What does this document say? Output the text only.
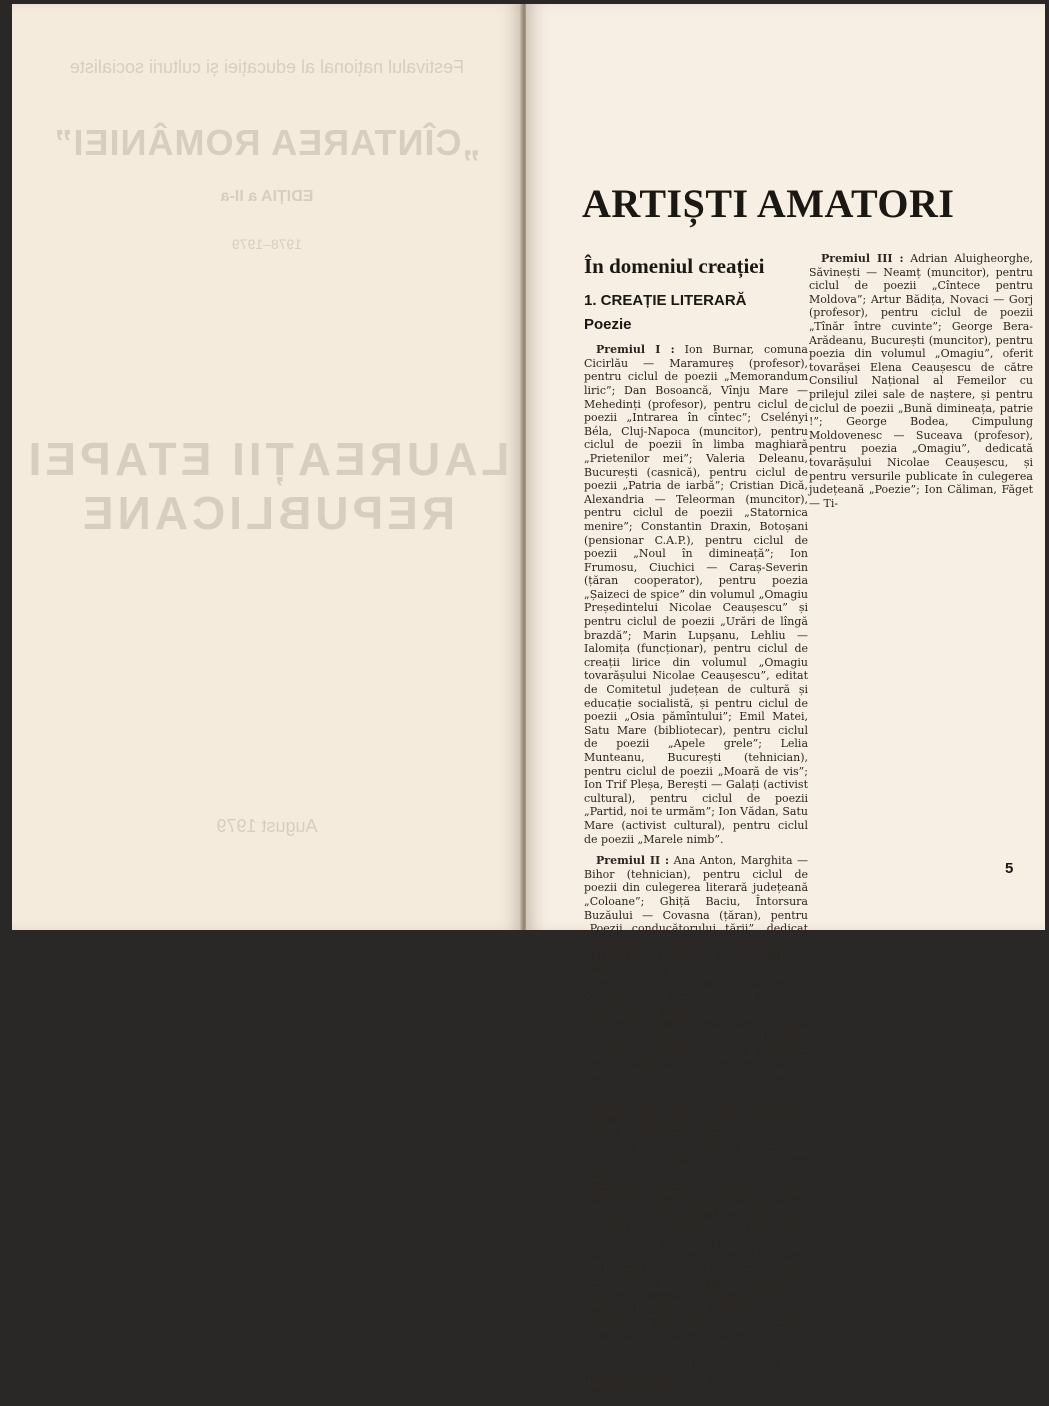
Festivalul național al educației și culturii socialiste
„CÎNTAREA ROMÂNIEI”
EDIȚIA a II-a
1978–1979
LAUREAȚII ETAPEI REPUBLICANE
August 1979
ARTIȘTI AMATORI
În domeniul creației
1. CREAȚIE LITERARĂ
Poezie

Premiul I : Ion Burnar, comuna Cicirlău — Maramureș (profesor), pentru ciclul de poezii „Memorandum liric”; Dan Bosoancă, Vînju Mare — Mehedinți (profesor), pentru ciclul de poezii „Intrarea în cîntec”; Cselényi Béla, Cluj-Napoca (muncitor), pentru ciclul de poezii în limba maghiară „Prietenilor mei”; Valeria Deleanu, București (casnică), pentru ciclul de poezii „Patria de iarbă”; Cristian Dică, Alexandria — Teleorman (muncitor), pentru ciclul de poezii „Statornica menire”; Constantin Draxin, Botoșani (pensionar C.A.P.), pentru ciclul de poezii „Noul în dimineață”; Ion Frumosu, Ciuchici — Caraș-Severin (țăran cooperator), pentru poezia „Șaizeci de spice” din volumul „Omagiu Președintelui Nicolae Ceaușescu” și pentru ciclul de poezii „Urări de lîngă brazdă”; Marin Lupșanu, Lehliu — Ialomița (funcționar), pentru ciclul de creații lirice din volumul „Omagiu tovarășului Nicolae Ceaușescu”, editat de Comitetul județean de cultură și educație socialistă, și pentru ciclul de poezii „Osia pămîntului”; Emil Matei, Satu Mare (bibliotecar), pentru ciclul de poezii „Apele grele”; Lelia Munteanu, București (tehnician), pentru ciclul de poezii „Moară de vis”; Ion Trif Pleșa, Berești — Galați (activist cultural), pentru ciclul de poezii „Partid, noi te urmăm”; Ion Vădan, Satu Mare (activist cultural), pentru ciclul de poezii „Marele nimb”.

Premiul II : Ana Anton, Marghita — Bihor (tehnician), pentru ciclul de poezii din culegerea literară județeană „Coloane”; Ghiță Baciu, Întorsura Buzăului — Covasna (țăran), pentru „Poezii conducătorului țării”, dedicat tovarășului Nicolae Ceaușescu la aniversarea a 60 de ani de viață, și pentru poezia din volumul „Omagiu Președintelui Nicolae Ceaușescu”; Octavian Berindei, București (tehnician), pentru ciclul de poezii „Cuvintele prind forma inimii”; Bajna György, Gheorghieni — Harghita (muncitor), pentru ciclul de poezii în limba maghiară „Către dimineață”; Ioan Bran, Satu Mare (muncitor pensionar), pentru ciclul de poezii „Deosebitele iubiri” din culegerea literară județeană „Versuri”; Gellu Dorian, Botoșani (profesor), pentru ciclul de poezii „Liniștea neliniștii”; Kocsis Francisko, Tîrgu Mureș (muncitor), pentru ciclul de poezii „Diminețile patriei”; Elisabeta Novac, Călinești — Argeș (profesoară), pentru ciclul de poezii „Lîngă numele țării”; Mariana Pândaru, Hunedoara (tehnician), pentru placheta „Macii pămîntului”; Nicolae Sirius, Lehliu-gară — Ialomița (muncitor), pentru poeziile din volumul „Omagiu tovarășului Nicolae Ceaușescu” și pentru ciclul de poezii „Drumuri în rădăcini”; Victor Teișanu, Darabani — Botoșani (bibliotecar), pentru placheta „Viața într-o frunză”; George Manolache Vrânceanu, Odorheiu Secuiesc — Harghita (profesor) pentru ciclul de poezii „Osmoză”.

Premiul III : Adrian Aluigheorghe, Săvinești — Neamț (muncitor), pentru ciclul de poezii „Cîntece pentru Moldova”; Artur Bădița, Novaci — Gorj (profesor), pentru ciclul de poezii „Tînăr între cuvinte”; George Bera-Arădeanu, București (muncitor), pentru poezia din volumul „Omagiu”, oferit tovarășei Elena Ceaușescu de către Consiliul Național al Femeilor cu prilejul zilei sale de naștere, și pentru ciclul de poezii „Bună dimineața, patrie !”; George Bodea, Cimpulung Moldovenesc — Suceava (profesor), pentru poezia „Omagiu”, dedicată tovarășului Nicolae Ceaușescu, și pentru versurile publicate în culegerea județeană „Poezie”; Ion Căliman, Făget — Ti-

5
